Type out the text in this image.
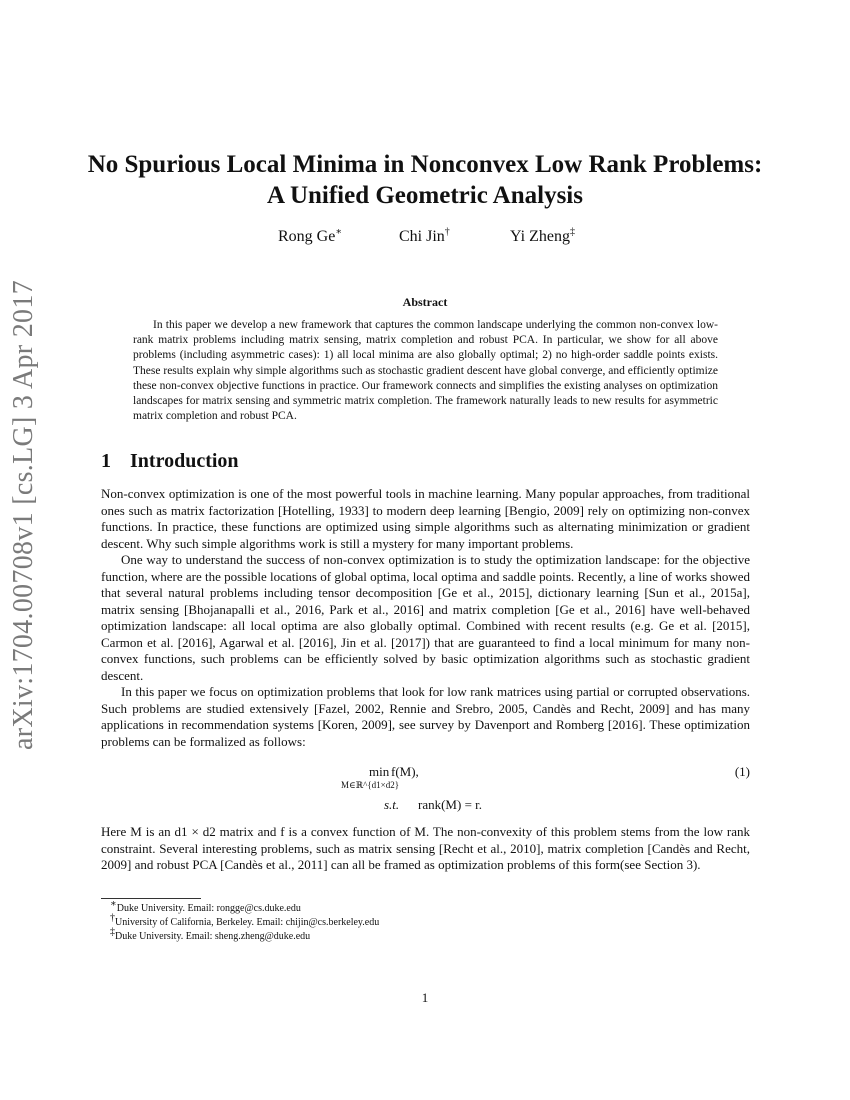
arXiv:1704.00708v1 [cs.LG] 3 Apr 2017
No Spurious Local Minima in Nonconvex Low Rank Problems:
A Unified Geometric Analysis
Rong Ge∗	Chi Jin†	Yi Zheng‡
Abstract

In this paper we develop a new framework that captures the common landscape underlying the common non-convex low-rank matrix problems including matrix sensing, matrix completion and robust PCA. In particular, we show for all above problems (including asymmetric cases): 1) all local minima are also globally optimal; 2) no high-order saddle points exists. These results explain why simple algorithms such as stochastic gradient descent have global converge, and efficiently optimize these non-convex objective functions in practice. Our framework connects and simplifies the existing analyses on optimization landscapes for matrix sensing and symmetric matrix completion. The framework naturally leads to new results for asymmetric matrix completion and robust PCA.

1 Introduction

Non-convex optimization is one of the most powerful tools in machine learning. Many popular approaches, from traditional ones such as matrix factorization [Hotelling, 1933] to modern deep learning [Bengio, 2009] rely on optimizing non-convex functions. In practice, these functions are optimized using simple algorithms such as alternating minimization or gradient descent. Why such simple algorithms work is still a mystery for many important problems.

One way to understand the success of non-convex optimization is to study the optimization landscape: for the objective function, where are the possible locations of global optima, local optima and saddle points. Recently, a line of works showed that several natural problems including tensor decomposition [Ge et al., 2015], dictionary learning [Sun et al., 2015a], matrix sensing [Bhojanapalli et al., 2016, Park et al., 2016] and matrix completion [Ge et al., 2016] have well-behaved optimization landscape: all local optima are also globally optimal. Combined with recent results (e.g. Ge et al. [2015], Carmon et al. [2016], Agarwal et al. [2016], Jin et al. [2017]) that are guaranteed to find a local minimum for many non-convex functions, such problems can be efficiently solved by basic optimization algorithms such as stochastic gradient descent.

In this paper we focus on optimization problems that look for low rank matrices using partial or corrupted observations. Such problems are studied extensively [Fazel, 2002, Rennie and Srebro, 2005, Candès and Recht, 2009] and has many applications in recommendation systems [Koren, 2009], see survey by Davenport and Romberg [2016]. These optimization problems can be formalized as follows:

min
M∈ℝ^{d1×d2}
f(M),
s.t. rank(M) = r.
(1)

Here M is an d1 × d2 matrix and f is a convex function of M. The non-convexity of this problem stems from the low rank constraint. Several interesting problems, such as matrix sensing [Recht et al., 2010], matrix completion [Candès and Recht, 2009] and robust PCA [Candès et al., 2011] can all be framed as optimization problems of this form(see Section 3).

∗Duke University. Email: rongge@cs.duke.edu
†University of California, Berkeley. Email: chijin@cs.berkeley.edu
‡Duke University. Email: sheng.zheng@duke.edu
1
